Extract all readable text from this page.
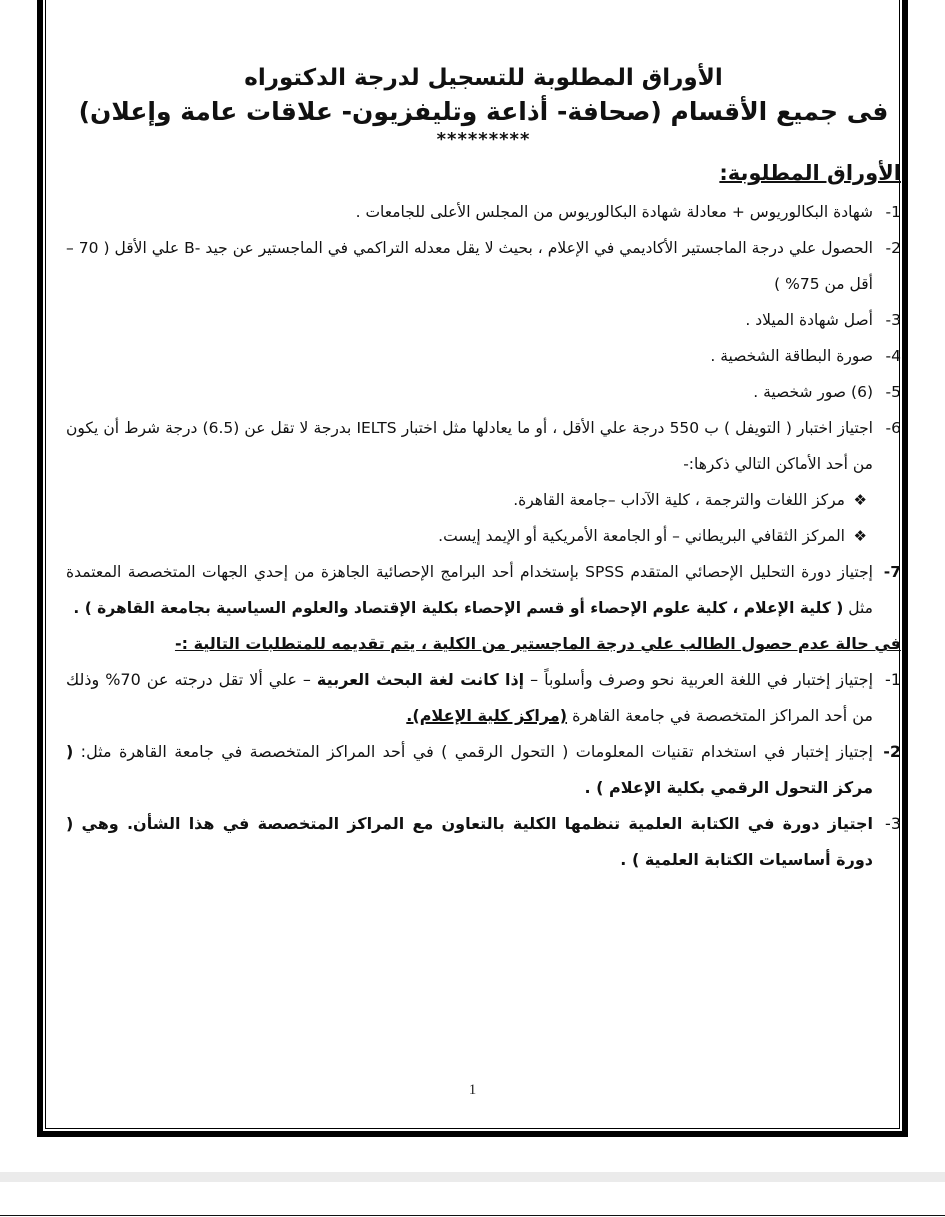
الأوراق المطلوبة للتسجيل لدرجة الدكتوراه
فى جميع الأقسام (صحافة- أذاعة وتليفزيون- علاقات عامة وإعلان)
*********
الأوراق المطلوبة:
-1
شهادة البكالوريوس + معادلة شهادة البكالوريوس من المجلس الأعلى للجامعات .
-2
الحصول علي درجة الماجستير الأكاديمي في الإعلام ، بحيث لا يقل معدله التراكمي في الماجستير عن جيد -B علي الأقل ( 70 – أقل من 75% )
-3
أصل شهادة الميلاد .
-4
صورة البطاقة الشخصية .
-5
(6) صور شخصية .
-6
اجتياز اختبار ( التويفل ) ب 550 درجة علي الأقل ، أو ما يعادلها مثل اختبار IELTS بدرجة لا تقل عن (6.5) درجة شرط أن يكون من أحد الأماكن التالي ذكرها:-
❖
مركز اللغات والترجمة ، كلية الآداب –جامعة القاهرة.
❖
المركز الثقافي البريطاني – أو الجامعة الأمريكية أو الإيمد إيست.
-7
إجتياز دورة التحليل الإحصائي المتقدم SPSS بإستخدام أحد البرامج الإحصائية الجاهزة من إحدي الجهات المتخصصة المعتمدة مثل ( كلية الإعلام ، كلية علوم الإحصاء أو قسم الإحصاء بكلية الإقتصاد والعلوم السياسية بجامعة القاهرة ) .
في حالة عدم حصول الطالب علي درجة الماجستير من الكلية ، يتم تقديمه للمتطلبات التالية :-
-1
إجتياز إختبار في اللغة العربية نحو وصرف وأسلوباً – إذا كانت لغة البحث العربية – علي ألا تقل درجته عن 70% وذلك من أحد المراكز المتخصصة في جامعة القاهرة (مراكز كلية الإعلام).
-2
إجتياز إختبار في استخدام تقنيات المعلومات ( التحول الرقمي ) في أحد المراكز المتخصصة في جامعة القاهرة مثل: ( مركز التحول الرقمي بكلية الإعلام ) .
-3
اجتياز دورة في الكتابة العلمية تنظمها الكلية بالتعاون مع المراكز المتخصصة في هذا الشأن. وهي ( دورة أساسيات الكتابة العلمية ) .
1
